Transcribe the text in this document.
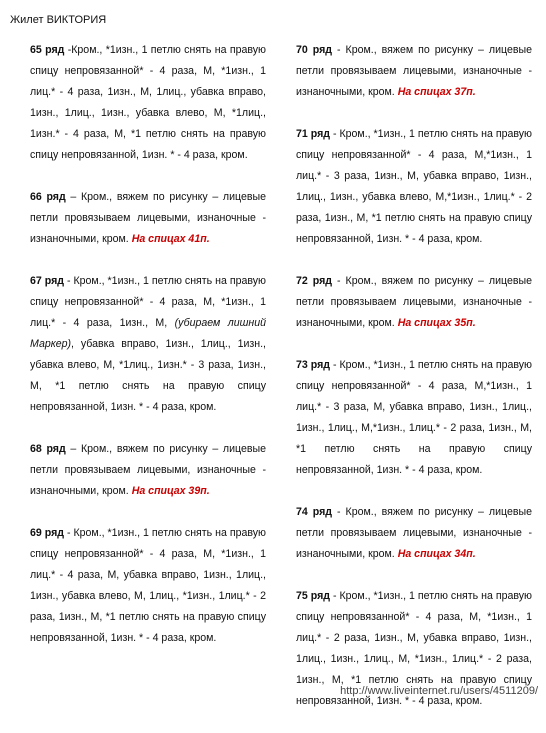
Жилет ВИКТОРИЯ

65 ряд -Кром., *1изн., 1 петлю снять на правую спицу непровязанной* - 4 раза, М, *1изн., 1 лиц.* - 4 раза, 1изн., М, 1лиц., убавка вправо, 1изн., 1лиц., 1изн., убавка влево, М, *1лиц., 1изн.* - 4 раза, М, *1 петлю снять на правую спицу непровязанной, 1изн. * - 4 раза, кром.

66 ряд – Кром., вяжем по рисунку – лицевые петли провязываем лицевыми, изнаночные - изнаночными, кром. На спицах 41п.

67 ряд - Кром., *1изн., 1 петлю снять на правую спицу непровязанной* - 4 раза, М, *1изн., 1 лиц.* - 4 раза, 1изн., М, (убираем лишний Маркер), убавка вправо, 1изн., 1лиц., 1изн., убавка влево, М, *1лиц., 1изн.* - 3 раза, 1изн., М, *1 петлю снять на правую спицу непровязанной, 1изн. * - 4 раза, кром.

68 ряд – Кром., вяжем по рисунку – лицевые петли провязываем лицевыми, изнаночные - изнаночными, кром. На спицах 39п.

69 ряд - Кром., *1изн., 1 петлю снять на правую спицу непровязанной* - 4 раза, М, *1изн., 1 лиц.* - 4 раза, М, убавка вправо, 1изн., 1лиц., 1изн., убавка влево, М, 1лиц., *1изн., 1лиц.* - 2 раза, 1изн., М, *1 петлю снять на правую спицу непровязанной, 1изн. * - 4 раза, кром.

70 ряд - Кром., вяжем по рисунку – лицевые петли провязываем лицевыми, изнаночные - изнаночными, кром. На спицах 37п.

71 ряд - Кром., *1изн., 1 петлю снять на правую спицу непровязанной* - 4 раза, М,*1изн., 1 лиц.* - 3 раза, 1изн., М, убавка вправо, 1изн., 1лиц., 1изн., убавка влево, М,*1изн., 1лиц.* - 2 раза, 1изн., М, *1 петлю снять на правую спицу непровязанной, 1изн. * - 4 раза, кром.

72 ряд - Кром., вяжем по рисунку – лицевые петли провязываем лицевыми, изнаночные - изнаночными, кром. На спицах 35п.

73 ряд - Кром., *1изн., 1 петлю снять на правую спицу непровязанной* - 4 раза, М,*1изн., 1 лиц.* - 3 раза, М, убавка вправо, 1изн., 1лиц., 1изн., 1лиц., М,*1изн., 1лиц.* - 2 раза, 1изн., М, *1 петлю снять на правую спицу непровязанной, 1изн. * - 4 раза, кром.

74 ряд - Кром., вяжем по рисунку – лицевые петли провязываем лицевыми, изнаночные - изнаночными, кром. На спицах 34п.

75 ряд - Кром., *1изн., 1 петлю снять на правую спицу непровязанной* - 4 раза, М, *1изн., 1 лиц.* - 2 раза, 1изн., М, убавка вправо, 1изн., 1лиц., 1изн., 1лиц., М, *1изн., 1лиц.* - 2 раза, 1изн., М, *1 петлю снять на правую спицу непровязанной, 1изн. * - 4 раза, кром.

http://www.liveinternet.ru/users/4511209/
